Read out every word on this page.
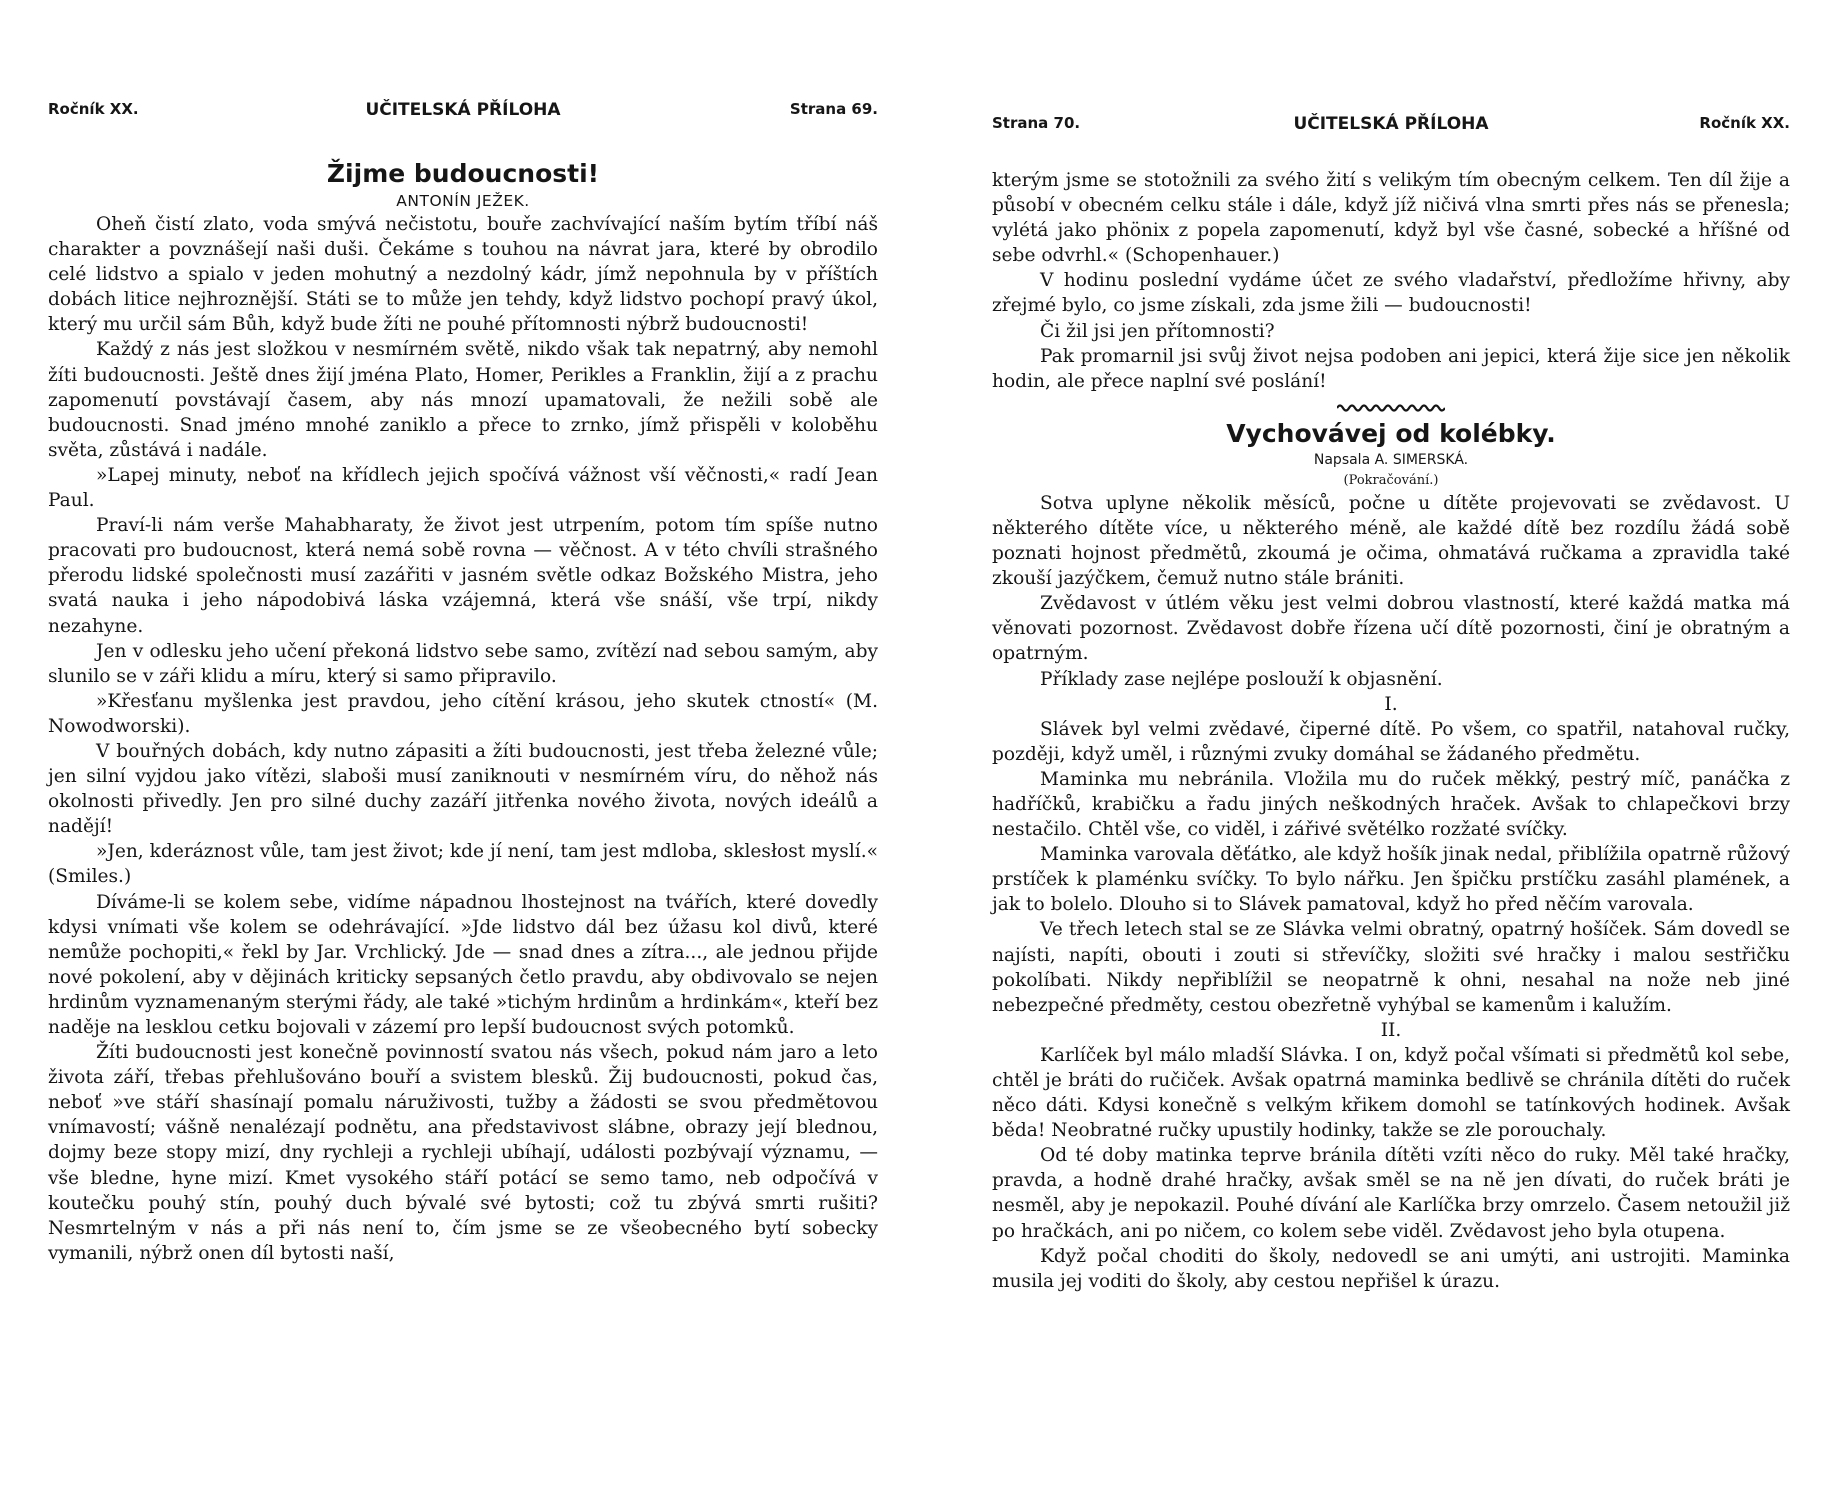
Ročník XX.	UČITELSKÁ PŘÍLOHA	Strana 69.
Žijme budoucnosti!

ANTONÍN JEŽEK.

Oheň čistí zlato, voda smývá nečistotu, bouře zachvívající naším bytím tříbí náš charakter a povznášejí naši duši. Čekáme s touhou na návrat jara, které by obrodilo celé lidstvo a spialo v jeden mohutný a nezdolný kádr, jímž nepohnula by v příštích dobách litice nejhroznější. Státi se to může jen tehdy, když lidstvo pochopí pravý úkol, který mu určil sám Bůh, když bude žíti ne pouhé přítomnosti nýbrž budoucnosti!

Každý z nás jest složkou v nesmírném světě, nikdo však tak nepatrný, aby nemohl žíti budoucnosti. Ještě dnes žijí jména Plato, Homer, Perikles a Franklin, žijí a z prachu zapomenutí povstávají časem, aby nás mnozí upamatovali, že nežili sobě ale budoucnosti. Snad jméno mnohé zaniklo a přece to zrnko, jímž přispěli v koloběhu světa, zůstává i nadále.

»Lapej minuty, neboť na křídlech jejich spočívá vážnost vší věčnosti,« radí Jean Paul.

Praví-li nám verše Mahabharaty, že život jest utrpením, potom tím spíše nutno pracovati pro budoucnost, která nemá sobě rovna — věčnost. A v této chvíli strašného přerodu lidské společnosti musí zazářiti v jasném světle odkaz Božského Mistra, jeho svatá nauka i jeho nápodobivá láska vzájemná, která vše snáší, vše trpí, nikdy nezahyne.

Jen v odlesku jeho učení překoná lidstvo sebe samo, zvítězí nad sebou samým, aby slunilo se v záři klidu a míru, který si samo připravilo.

»Křesťanu myšlenka jest pravdou, jeho cítění krásou, jeho skutek ctností« (M. Nowodworski).

V bouřných dobách, kdy nutno zápasiti a žíti budoucnosti, jest třeba železné vůle; jen silní vyjdou jako vítězi, slaboši musí zaniknouti v nesmírném víru, do něhož nás okolnosti přivedly. Jen pro silné duchy zazáří jitřenka nového života, nových ideálů a nadějí!

»Jen, kderáznost vůle, tam jest život; kde jí není, tam jest mdloba, sklesłost myslí.« (Smiles.)

Díváme-li se kolem sebe, vidíme nápadnou lhostejnost na tvářích, které dovedly kdysi vnímati vše kolem se odehrávající. »Jde lidstvo dál bez úžasu kol divů, které nemůže pochopiti,« řekl by Jar. Vrchlický. Jde — snad dnes a zítra..., ale jednou přijde nové pokolení, aby v dějinách kriticky sepsaných četlo pravdu, aby obdivovalo se nejen hrdinům vyznamenaným sterými řády, ale také »tichým hrdinům a hrdinkám«, kteří bez naděje na lesklou cetku bojovali v zázemí pro lepší budoucnost svých potomků.

Žíti budoucnosti jest konečně povinností svatou nás všech, pokud nám jaro a leto života září, třebas přehlušováno bouří a svistem blesků. Žij budoucnosti, pokud čas, neboť »ve stáří shasínají pomalu náruživosti, tužby a žádosti se svou předmětovou vnímavostí; vášně nenalézají podnětu, ana představivost slábne, obrazy její blednou, dojmy beze stopy mizí, dny rychleji a rychleji ubíhají, události pozbývají významu, — vše bledne, hyne mizí. Kmet vysokého stáří potácí se semo tamo, neb odpočívá v koutečku pouhý stín, pouhý duch bývalé své bytosti; což tu zbývá smrti rušiti? Nesmrtelným v nás a při nás není to, čím jsme se ze všeobecného bytí sobecky vymanili, nýbrž onen díl bytosti naší,

Strana 70.	UČITELSKÁ PŘÍLOHA	Ročník XX.

kterým jsme se stotožnili za svého žití s velikým tím obecným celkem. Ten díl žije a působí v obecném celku stále i dále, když jíž ničivá vlna smrti přes nás se přenesla; vylétá jako phönix z popela zapomenutí, když byl vše časné, sobecké a hříšné od sebe odvrhl.« (Schopenhauer.)

V hodinu poslední vydáme účet ze svého vladařství, předložíme hřivny, aby zřejmé bylo, co jsme získali, zda jsme žili — budoucnosti!

Či žil jsi jen přítomnosti?

Pak promarnil jsi svůj život nejsa podoben ani jepici, která žije sice jen několik hodin, ale přece naplní své poslání!

Vychovávej od kolébky.

Napsala A. SIMERSKÁ.

(Pokračování.)

Sotva uplyne několik měsíců, počne u dítěte projevovati se zvědavost. U některého dítěte více, u některého méně, ale každé dítě bez rozdílu žádá sobě poznati hojnost předmětů, zkoumá je očima, ohmatává ručkama a zpravidla také zkouší jazýčkem, čemuž nutno stále brániti.

Zvědavost v útlém věku jest velmi dobrou vlastností, které každá matka má věnovati pozornost. Zvědavost dobře řízena učí dítě pozornosti, činí je obratným a opatrným.

Příklady zase nejlépe poslouží k objasnění.

I.

Slávek byl velmi zvědavé, čiperné dítě. Po všem, co spatřil, natahoval ručky, později, když uměl, i různými zvuky domáhal se žádaného předmětu.

Maminka mu nebránila. Vložila mu do ruček měkký, pestrý míč, panáčka z hadříčků, krabičku a řadu jiných neškodných hraček. Avšak to chlapečkovi brzy nestačilo. Chtěl vše, co viděl, i zářivé světélko rozžaté svíčky.

Maminka varovala děťátko, ale když hošík jinak nedal, přiblížila opatrně růžový prstíček k plaménku svíčky. To bylo nářku. Jen špičku prstíčku zasáhl plamének, a jak to bolelo. Dlouho si to Slávek pamatoval, když ho před něčím varovala.

Ve třech letech stal se ze Slávka velmi obratný, opatrný hošíček. Sám dovedl se najísti, napíti, obouti i zouti si střevíčky, složiti své hračky i malou sestřičku pokolíbati. Nikdy nepřiblížil se neopatrně k ohni, nesahal na nože neb jiné nebezpečné předměty, cestou obezřetně vyhýbal se kamenům i kalužím.

II.

Karlíček byl málo mladší Slávka. I on, když počal všímati si předmětů kol sebe, chtěl je bráti do ručiček. Avšak opatrná maminka bedlivě se chránila dítěti do ruček něco dáti. Kdysi konečně s velkým křikem domohl se tatínkových hodinek. Avšak běda! Neobratné ručky upustily hodinky, takže se zle porouchaly.

Od té doby matinka teprve bránila dítěti vzíti něco do ruky. Měl také hračky, pravda, a hodně drahé hračky, avšak směl se na ně jen dívati, do ruček bráti je nesměl, aby je nepokazil. Pouhé dívání ale Karlíčka brzy omrzelo. Časem netoužil již po hračkách, ani po ničem, co kolem sebe viděl. Zvědavost jeho byla otupena.

Když počal choditi do školy, nedovedl se ani umýti, ani ustrojiti. Maminka musila jej voditi do školy, aby cestou nepřišel k úrazu.
